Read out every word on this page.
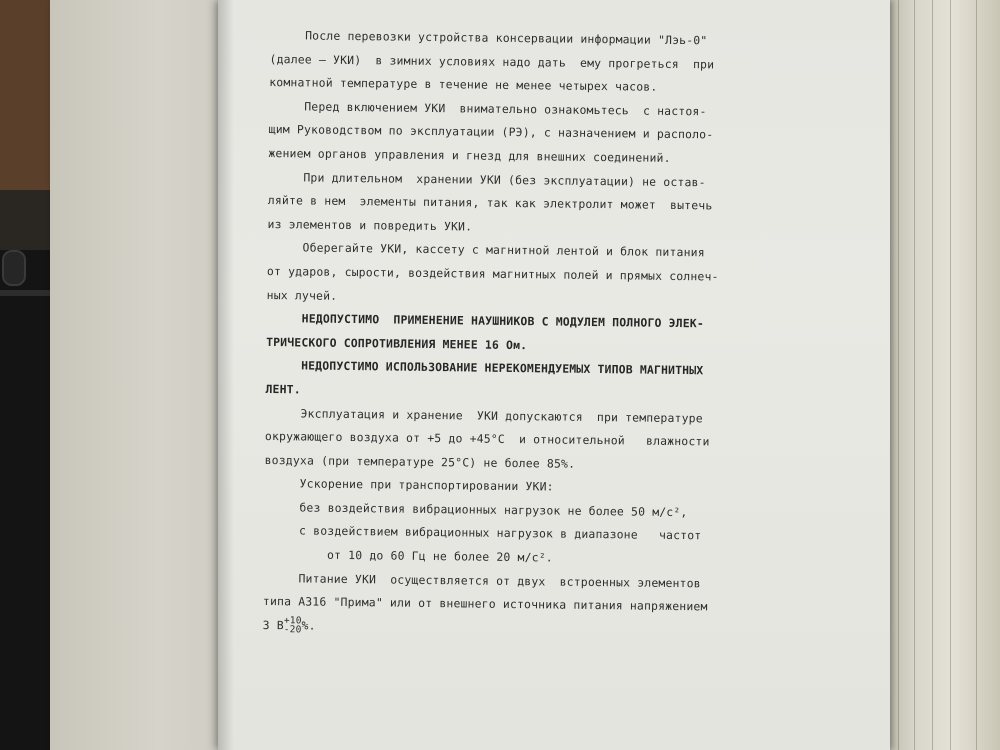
После перевозки устройства консервации информации "Лэь-0"
(далее — УКИ)  в зимних условиях надо дать  ему прогреться  при
комнатной температуре в течение не менее четырех часов.
Перед включением УКИ  внимательно ознакомьтесь  с настоя-
щим Руководством по эксплуатации (РЭ), с назначением и располо-
жением органов управления и гнезд для внешних соединений.
При длительном  хранении УКИ (без эксплуатации) не остав-
ляйте в нем  элементы питания, так как электролит может  вытечь
из элементов и повредить УКИ.
Оберегайте УКИ, кассету с магнитной лентой и блок питания
от ударов, сырости, воздействия магнитных полей и прямых солнеч-
ных лучей.
НЕДОПУСТИМО  ПРИМЕНЕНИЕ НАУШНИКОВ С МОДУЛЕМ ПОЛНОГО ЭЛЕК-
ТРИЧЕСКОГО СОПРОТИВЛЕНИЯ МЕНЕЕ 16 Ом.
НЕДОПУСТИМО ИСПОЛЬЗОВАНИЕ НЕРЕКОМЕНДУЕМЫХ ТИПОВ МАГНИТНЫХ
ЛЕНТ.
Эксплуатация и хранение  УКИ допускаются  при температуре
окружающего воздуха от +5 до +45°С  и относительной   влажности
воздуха (при температуре 25°С) не более 85%.
Ускорение при транспортировании УКИ:
без воздействия вибрационных нагрузок не более 50 м/с²,
с воздействием вибрационных нагрузок в диапазоне   частот
от 10 до 60 Гц не более 20 м/с².
Питание УКИ  осуществляется от двух  встроенных элементов
типа А316 "Прима" или от внешнего источника питания напряжением
3 В +10
-20 %.
